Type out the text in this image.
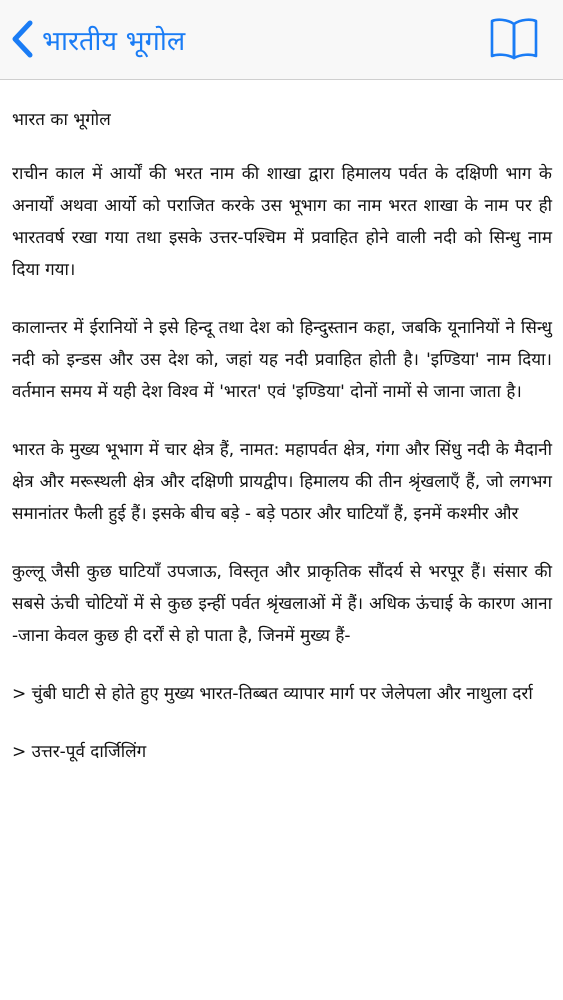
भारतीय भूगोल

भारत का भूगोल

राचीन काल में आर्यों की भरत नाम की शाखा द्वारा हिमालय पर्वत के दक्षिणी भाग के अनार्यों अथवा आर्यो को पराजित करके उस भूभाग का नाम भरत शाखा के नाम पर ही भारतवर्ष रखा गया तथा इसके उत्तर-पश्चिम में प्रवाहित होने वाली नदी को सिन्धु नाम दिया गया।

कालान्तर में ईरानियों ने इसे हिन्दू तथा देश को हिन्दुस्तान कहा, जबकि यूनानियों ने सिन्धु नदी को इन्डस और उस देश को, जहां यह नदी प्रवाहित होती है। 'इण्डिया' नाम दिया। वर्तमान समय में यही देश विश्व में 'भारत' एवं 'इण्डिया' दोनों नामों से जाना जाता है।

भारत के मुख्य भूभाग में चार क्षेत्र हैं, नामत: महापर्वत क्षेत्र, गंगा और सिंधु नदी के मैदानी क्षेत्र और मरूस्थली क्षेत्र और दक्षिणी प्रायद्वीप। हिमालय की तीन श्रृंखलाएँ हैं, जो लगभग समानांतर फैली हुई हैं। इसके बीच बड़े - बड़े पठार और घाटियाँ हैं, इनमें कश्मीर और

कुल्लू जैसी कुछ घाटियाँ उपजाऊ, विस्तृत और प्राकृतिक सौंदर्य से भरपूर हैं। संसार की सबसे ऊंची चोटियों में से कुछ इन्हीं पर्वत श्रृंखलाओं में हैं। अधिक ऊंचाई के कारण आना -जाना केवल कुछ ही दर्रों से हो पाता है, जिनमें मुख्य हैं-

> चुंबी घाटी से होते हुए मुख्य भारत-तिब्बत व्यापार मार्ग पर जेलेपला और नाथुला दर्रा

> उत्तर-पूर्व दार्जिलिंग
